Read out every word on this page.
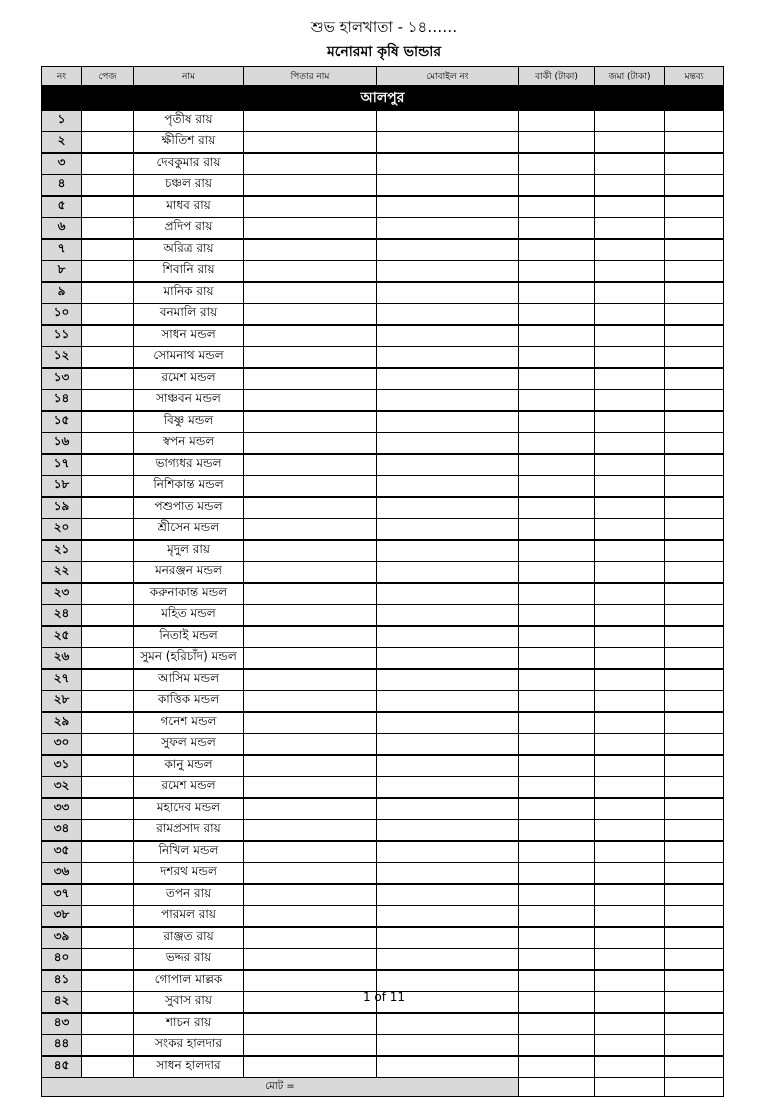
শুভ হালখাতা - ১৪……
মনোরমা কৃষি ভান্ডার
নং	পেজ	নাম	পিতার নাম	মোবাইল নং	বাকী (টাকা)	জমা (টাকা)	মন্তব্য
আলপুর							
১		পৃতীষ রায়					
২		ক্ষীতিশ রায়					
৩		দেবকুমার রায়					
৪		চঞ্চল রায়					
৫		মাধব রায়					
৬		প্রদিপ রায়					
৭		অরিত্র রায়					
৮		শিবানি রায়					
৯		মানিক রায়					
১০		বনমালি রায়					
১১		সাধন মন্ডল					
১২		সোমনাথ মন্ডল					
১৩		রমেশ মন্ডল					
১৪		সাঞ্চবন মন্ডল					
১৫		বিষ্ণু মন্ডল					
১৬		স্বপন মন্ডল					
১৭		ভাগ্যধর মন্ডল					
১৮		নিশিকান্ত মন্ডল					
১৯		পশুপাত মন্ডল					
২০		শ্রীসেন মন্ডল					
২১		মৃদুল রায়					
২২		মনরঞ্জন মন্ডল					
২৩		করুনাকান্ত মন্ডল					
২৪		মহিত মন্ডল					
২৫		নিতাই মন্ডল					
২৬		সুমন (হরিচাঁদ) মন্ডল					
২৭		আসিম মন্ডল					
২৮		কাত্তিক মন্ডল					
২৯		গনেশ মন্ডল					
৩০		সুফল মন্ডল					
৩১		কানু মন্ডল					
৩২		রমেশ মন্ডল					
৩৩		মহাদেব মন্ডল					
৩৪		রামপ্রসাদ রায়					
৩৫		নিখিল মন্ডল					
৩৬		দশরথ মন্ডল					
৩৭		তপন রায়					
৩৮		পারমল রায়					
৩৯		রাঞ্জত রায়					
৪০		ভদ্দর রায়					
৪১		গোপাল মাল্লক					
৪২		সুবাস রায়					
৪৩		শাচন রায়					
৪৪		সংকর হালদার					
৪৫		সাধন হালদার					
মোট =							
1 of 11
